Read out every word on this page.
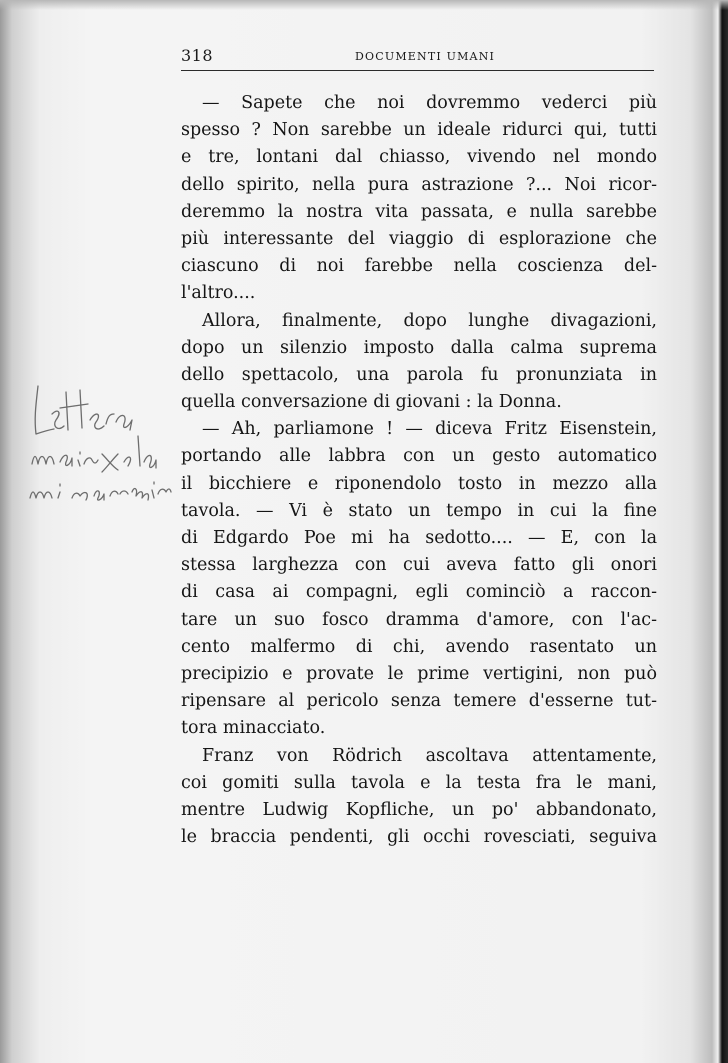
318	DOCUMENTI UMANI
— Sapete che noi dovremmo vederci più
spesso ? Non sarebbe un ideale ridurci qui, tutti
e tre, lontani dal chiasso, vivendo nel mondo
dello spirito, nella pura astrazione ?... Noi ricor-
deremmo la nostra vita passata, e nulla sarebbe
più interessante del viaggio di esplorazione che
ciascuno di noi farebbe nella coscienza del-
l'altro....
Allora, finalmente, dopo lunghe divagazioni,
dopo un silenzio imposto dalla calma suprema
dello spettacolo, una parola fu pronunziata in
quella conversazione di giovani : la Donna.
— Ah, parliamone ! — diceva Fritz Eisenstein,
portando alle labbra con un gesto automatico
il bicchiere e riponendolo tosto in mezzo alla
tavola. — Vi è stato un tempo in cui la fine
di Edgardo Poe mi ha sedotto.... — E, con la
stessa larghezza con cui aveva fatto gli onori
di casa ai compagni, egli cominciò a raccon-
tare un suo fosco dramma d'amore, con l'ac-
cento malfermo di chi, avendo rasentato un
precipizio e provate le prime vertigini, non può
ripensare al pericolo senza temere d'esserne tut-
tora minacciato.
Franz von Rödrich ascoltava attentamente,
coi gomiti sulla tavola e la testa fra le mani,
mentre Ludwig Kopfliche, un po' abbandonato,
le braccia pendenti, gli occhi rovesciati, seguiva
